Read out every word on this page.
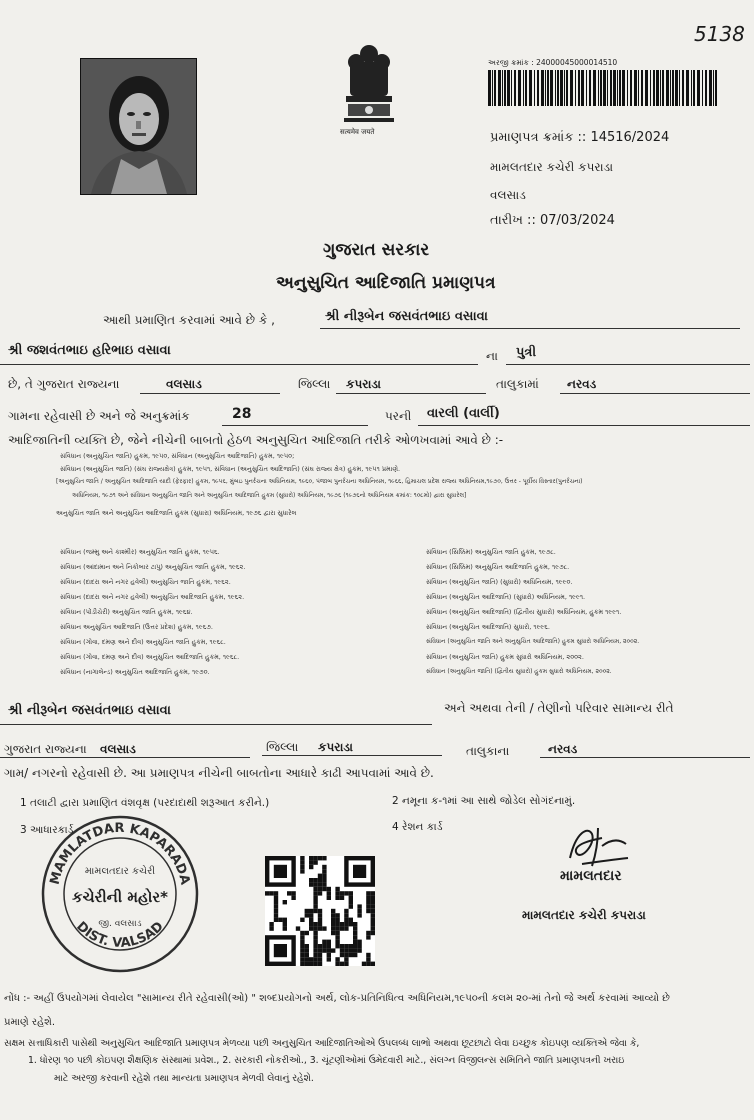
5138
सत्यमेव जयते
અરજી ક્રમાંક : 24000045000014510
પ્રમાણપત્ર ક્રમાંક :: 14516/2024
મામલતદાર કચેરી કપરાડા
વલસાડ
તારીખ :: 07/03/2024
ગુજરાત સરકાર
અનુસુચિત આદિજાતિ પ્રમાણપત્ર
આથી પ્રમાણિત કરવામાં આવે છે કે ,	શ્રી નીરૂબેન જસવંતભાઇ વસાવા
શ્રી જશવંતભાઇ હરિભાઇ વસાવા	ના પુત્રી
છે, તે ગુજરાત રાજ્યના	વલસાડ	જિલ્લા કપરાડા	તાલુકામાં નરવડ
ગામના રહેવાસી છે અને જે અનુક્રમાંક	28	પરની વારલી (વાર્લી)
આદિજાતિની વ્યક્તિ છે, જેને નીચેની બાબતો હેઠળ અનુસુચિત આદિજાતિ તરીકે ઓળખવામાં આવે છે :-
સંવિધાન (અનુસુચિત જાતિ) હુકમ, ૧૯૫૦, સંવિધાન (અનુસુચિત આદિજાતિ) હુકમ, ૧૯૫૦;
સંવિધાન (અનુસુચિત જાતિ) (સંઘ રાજ્યક્ષેત્ર) હુકમ, ૧૯૫૧, સંવિધાન (અનુસુચિત આદિજાતિ) (સંઘ રાજ્ય ક્ષેત્ર) હુકમ, ૧૯૫૧ પ્રમાણે.
[અનુસુચિત જાતિ / અનુસુચિત આદિજાતિ યાદી (ફેરફાર) હુકમ, ૧૯૫૬, મુંબઇ પુનર્રચના અધિનિયમ, ૧૯૬૦, પંજાબ પુનર્રચના અધિનિયમ, ૧૯૬૬, હિમાચલ પ્રદેશ રાજ્ય અધિનિયમ,૧૯૭૦, ઉત્તર - પૂર્વીય વિસ્તાર(પુનર્રચના)
અધિનિયમ, ૧૯૭૧ અને સંવિધાન અનુસુચિત જાતિ અને અનુસુચિત આદિજાતિ હુકમ (સુધારો) અધિનિયમ, ૧૯૭૬ (૧૯૭૬નો અધિનિયમ ક્રમાંક: ૧૦૮મો) દ્વારા સુધારેલ]
અનુસુચિત જાતિ અને અનુસુચિત આદિજાતિ હુકમ (સુધારા) અધિનિયમ, ૧૯૭૬ દ્વારા સુધારેલ
સંવિધાન (જમ્મુ અને કાશ્મીર) અનુસુચિત જાતિ હુકમ, ૧૯૫૬.
સંવિધાન (આંદામાન અને નિકોબાર ટાપુ) અનુસુચિત જાતિ હુકમ, ૧૯૬૨.
સંવિધાન (દાદરા અને નગર હવેલી) અનુસુચિત જાતિ હુકમ, ૧૯૬૨.
સંવિધાન (દાદરા અને નગર હવેલી) અનુસુચિત આદિજાતિ હુકમ, ૧૯૬૨.
સંવિધાન (પોંડીચેરી) અનુસુચિત જાતિ હુકમ, ૧૯૬૪.
સંવિધાન અનુસુચિત આદિજાતિ (ઉત્તર પ્રદેશ) હુકમ, ૧૯૬૭.
સંવિધાન (ગોવા, દમણ અને દીવ) અનુસુચિત જાતિ હુકમ, ૧૯૬૮.
સંવિધાન (ગોવા, દમણ અને દીવ) અનુસુચિત આદિજાતિ હુકમ, ૧૯૬૮.
સંવિધાન (નાગાલેન્ડ) અનુસુચિત આદિજાતિ હુકમ, ૧૯૭૦.
સંવિધાન (સિક્કિમ) અનુસુચિત જાતિ હુકમ, ૧૯૭૮.
સંવિધાન (સિક્કિમ) અનુસુચિત આદિજાતિ હુકમ, ૧૯૭૮.
સંવિધાન (અનુસુચિત જાતિ) (સુધારો) અધિનિયમ, ૧૯૯૦.
સંવિધાન (અનુસુચિત આદિજાતિ) (સુધારો) અધિનિયમ, ૧૯૯૧.
સંવિધાન (અનુસુચિત આદિજાતિ) (દ્વિતીય સુધારો) અધિનિયમ, હુકમ ૧૯૯૧.
સંવિધાન (અનુસુચિત આદિજાતિ) સુધારો, ૧૯૯૬.
સંવિધાન (અનુસુચિત જાતિ અને અનુસુચિત આદિજાતિ) હુકમ સુધારો અધિનિયમ, ૨૦૦૨.
સંવિધાન (અનુસુચિત જાતિ) હુકમ સુધારો અધિનિયમ, ૨૦૦૨.
સંવિધાન (અનુસુચિત જાતિ) (દ્વિતીય સુધારો) હુકમ સુધારો અધિનિયમ, ૨૦૦૨.
શ્રી નીરૂબેન જસવંતભાઇ વસાવા	અને અથવા તેની / તેણીનો પરિવાર સામાન્ય રીતે
ગુજરાત રાજ્યના વલસાડ	જિલ્લા કપરાડા	તાલુકાના	નરવડ
ગામ/ નગરનો રહેવાસી છે. આ પ્રમાણપત્ર નીચેની બાબતોના આધારે કાઢી આપવામાં આવે છે.
1 તલાટી દ્વારા પ્રમાણિત વંશવૃક્ષ (પરદાદાથી શરૂઆત કરીને.)	2 નમૂના ક-૧માં આ સાથે જોડેલ સોગંદનામું.
3 આધારકાર્ડ	4 રેશન કાર્ડ
MAMLATDAR KAPARADA
DIST. VALSAD
મામલતદાર કચેરી
કચેરીની મહોર*
જી. વલસાડ
મામલતદાર
મામલતદાર કચેરી કપરાડા
નોંધ :- અહીં ઉપયોગમાં લેવાયેલ "સામાન્ય રીતે રહેવાસી(ઓ) " શબ્દપ્રયોગનો અર્થ, લોક-પ્રતિનિધિત્વ અધિનિયમ,૧૯૫૦ની કલમ ૨૦-માં તેનો જે અર્થ કરવામાં આવ્યો છે
પ્રમાણે રહેશે.
સક્ષમ સત્તાધિકારી પાસેથી અનુસુચિત આદિજાતિ પ્રમાણપત્ર મેળવ્યા પછી અનુસુચિત આદિજાતિઓએ ઉપલબ્ધ લાભો અથવા છૂટછાટો લેવા ઇચ્છુક કોઇપણ વ્યક્તિએ જેવા કે,
1. ધોરણ ૧૦ પછી કોઇપણ શૈક્ષણિક સંસ્થામાં પ્રવેશ., 2. સરકારી નોકરીઓ., 3. ચૂંટણીઓમાં ઉમેદવારી માટે., સંલગ્ન વિજીલન્સ સમિતિને જાતિ પ્રમાણપત્રની ખરાઇ
માટે અરજી કરવાની રહેશે તથા માન્યતા પ્રમાણપત્ર મેળવી લેવાનું રહેશે.
